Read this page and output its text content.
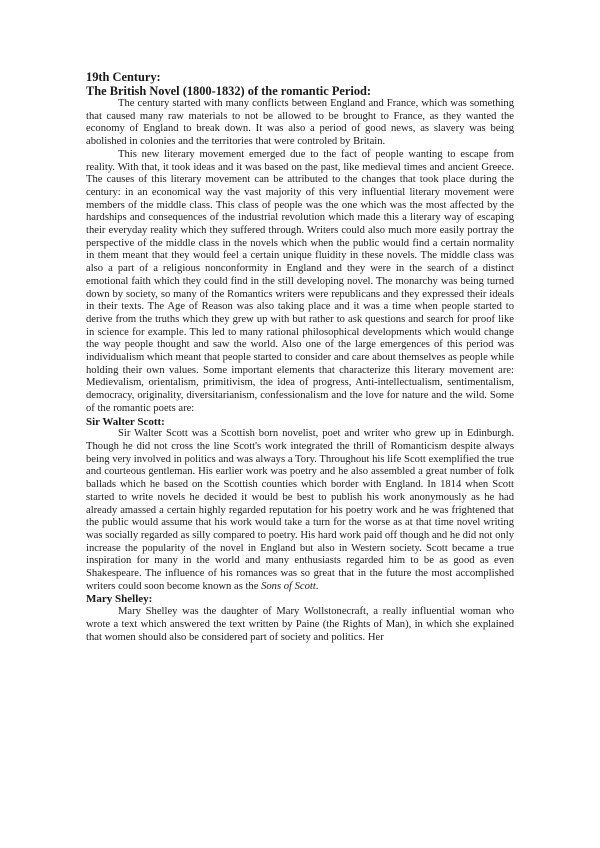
19th Century:
The British Novel (1800-1832) of the romantic Period:

The century started with many conflicts between England and France, which was something that caused many raw materials to not be allowed to be brought to France, as they wanted the economy of England to break down. It was also a period of good news, as slavery was being abolished in colonies and the territories that were controled by Britain.

This new literary movement emerged due to the fact of people wanting to escape from reality. With that, it took ideas and it was based on the past, like medieval times and ancient Greece. The causes of this literary movement can be attributed to the changes that took place during the century: in an economical way the vast majority of this very influential literary movement were members of the middle class. This class of people was the one which was the most affected by the hardships and consequences of the industrial revolution which made this a literary way of escaping their everyday reality which they suffered through. Writers could also much more easily portray the perspective of the middle class in the novels which when the public would find a certain normality in them meant that they would feel a certain unique fluidity in these novels. The middle class was also a part of a religious nonconformity in England and they were in the search of a distinct emotional faith which they could find in the still developing novel. The monarchy was being turned down by society, so many of the Romantics writers were republicans and they expressed their ideals in their texts. The Age of Reason was also taking place and it was a time when people started to derive from the truths which they grew up with but rather to ask questions and search for proof like in science for example. This led to many rational philosophical developments which would change the way people thought and saw the world. Also one of the large emergences of this period was individualism which meant that people started to consider and care about themselves as people while holding their own values. Some important elements that characterize this literary movement are: Medievalism, orientalism, primitivism, the idea of progress, Anti-intellectualism, sentimentalism, democracy, originality, diversitarianism, confessionalism and the love for nature and the wild. Some of the romantic poets are:

Sir Walter Scott:

Sir Walter Scott was a Scottish born novelist, poet and writer who grew up in Edinburgh. Though he did not cross the line Scott's work integrated the thrill of Romanticism despite always being very involved in politics and was always a Tory. Throughout his life Scott exemplified the true and courteous gentleman. His earlier work was poetry and he also assembled a great number of folk ballads which he based on the Scottish counties which border with England. In 1814 when Scott started to write novels he decided it would be best to publish his work anonymously as he had already amassed a certain highly regarded reputation for his poetry work and he was frightened that the public would assume that his work would take a turn for the worse as at that time novel writing was socially regarded as silly compared to poetry. His hard work paid off though and he did not only increase the popularity of the novel in England but also in Western society. Scott became a true inspiration for many in the world and many enthusiasts regarded him to be as good as even Shakespeare. The influence of his romances was so great that in the future the most accomplished writers could soon become known as the Sons of Scott.

Mary Shelley:

Mary Shelley was the daughter of Mary Wollstonecraft, a really influential woman who wrote a text which answered the text written by Paine (the Rights of Man), in which she explained that women should also be considered part of society and politics. Her
